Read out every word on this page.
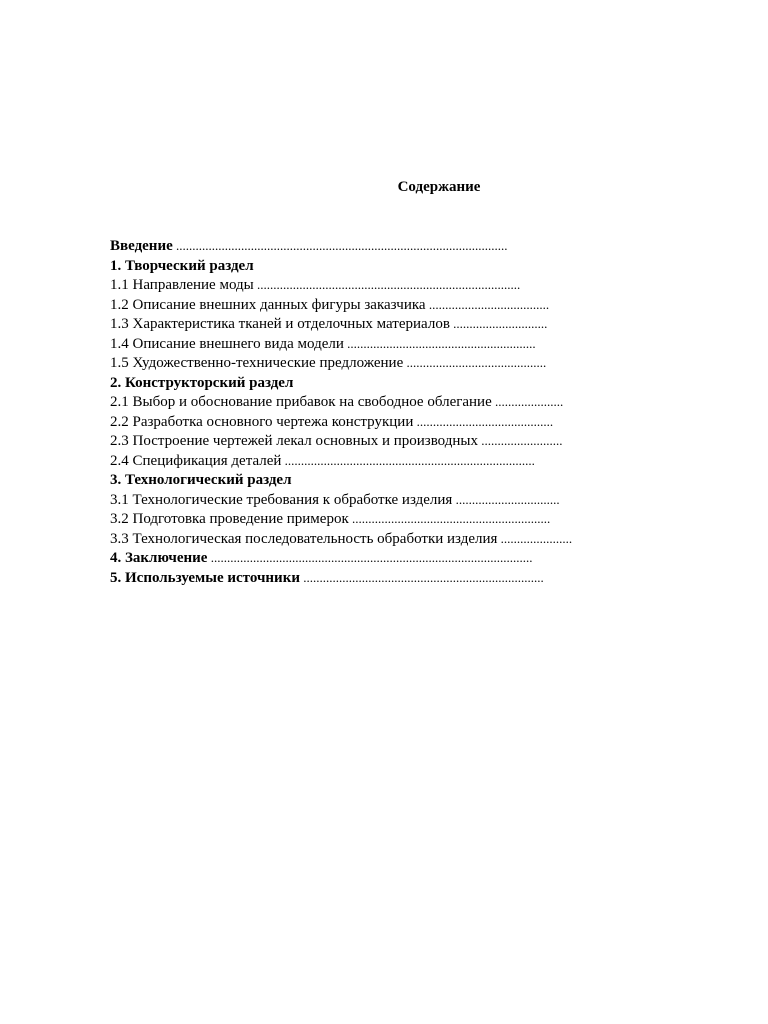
Содержание
Введение ......................................................................................................
1. Творческий раздел
1.1 Направление моды .................................................................................
1.2 Описание внешних данных фигуры заказчика .....................................
1.3 Характеристика тканей и отделочных материалов .............................
1.4 Описание внешнего вида модели ..........................................................
1.5 Художественно-технические предложение ...........................................
2. Конструкторский раздел
2.1 Выбор и обоснование прибавок на свободное облегание .....................
2.2 Разработка основного чертежа конструкции ..........................................
2.3 Построение чертежей лекал основных и производных .........................
2.4 Спецификация деталей .............................................................................
3. Технологический раздел
3.1 Технологические требования к обработке изделия ................................
3.2 Подготовка проведение примерок .............................................................
3.3 Технологическая последовательность обработки изделия ......................
4. Заключение ...................................................................................................
5. Используемые источники ..........................................................................
